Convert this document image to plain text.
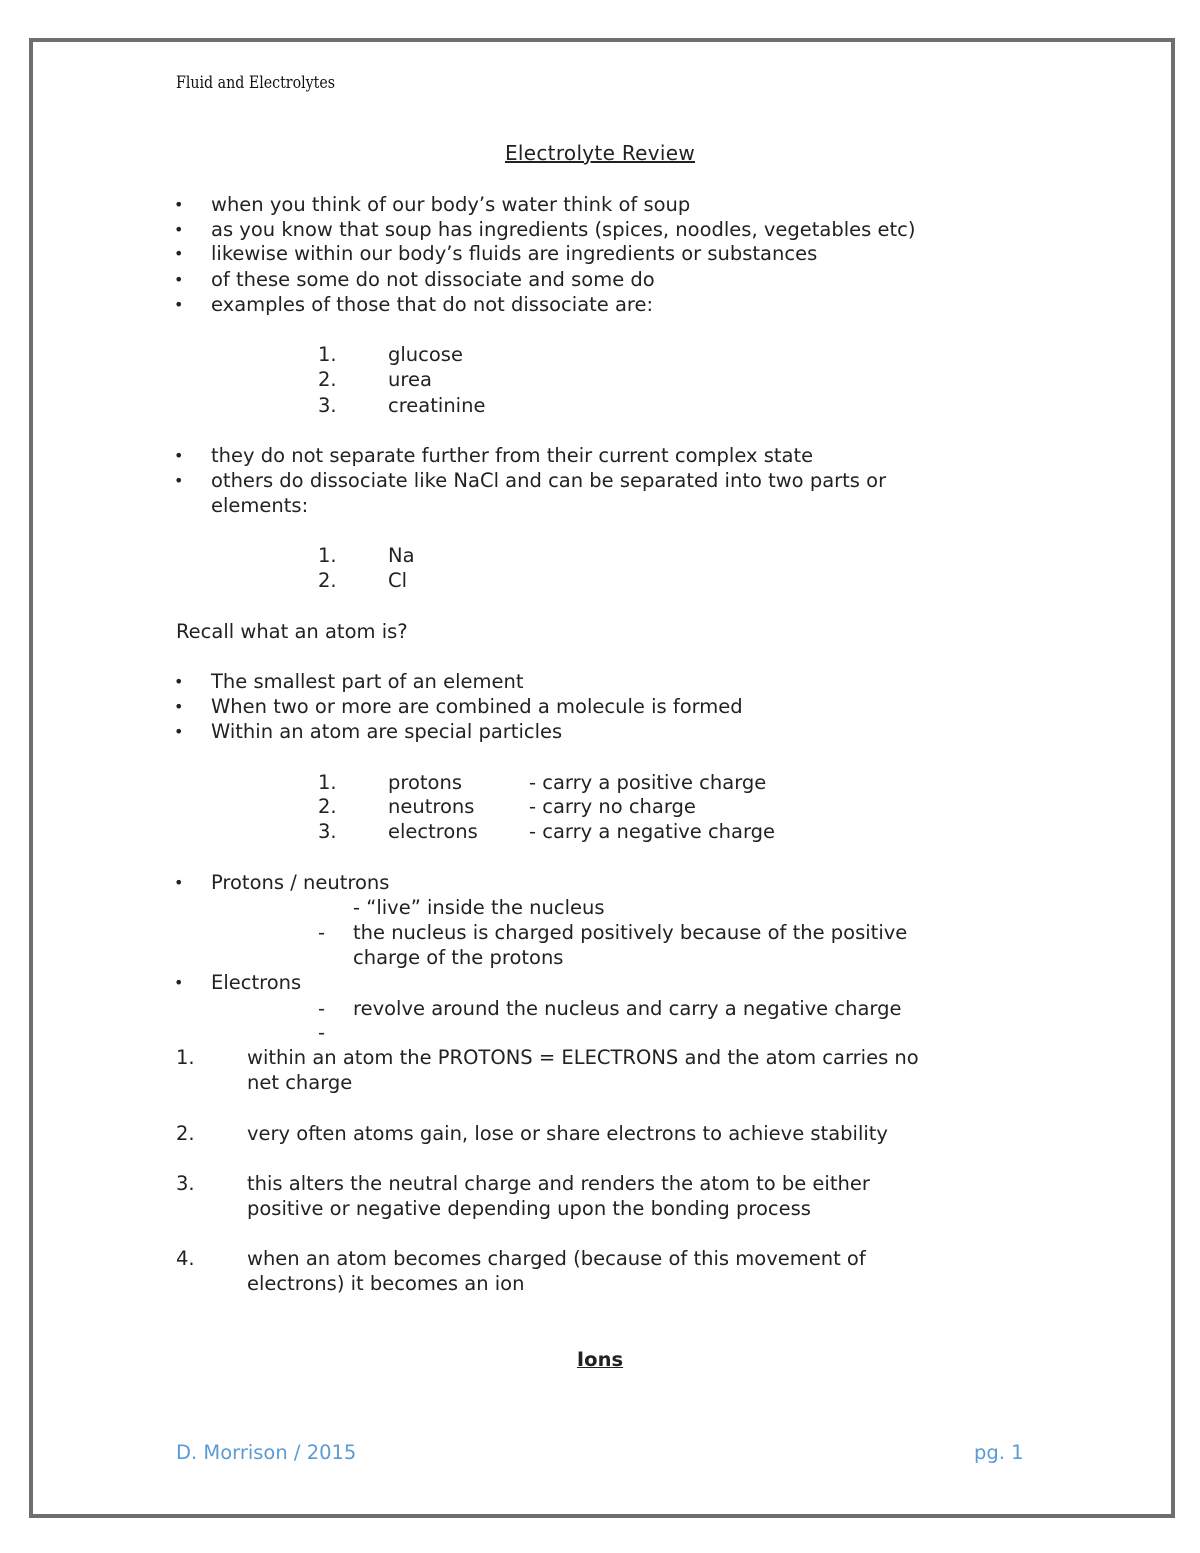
Fluid and Electrolytes
Electrolyte Review
• when you think of our body’s water think of soup
• as you know that soup has ingredients (spices, noodles, vegetables etc)
• likewise within our body’s fluids are ingredients or substances
• of these some do not dissociate and some do
• examples of those that do not dissociate are:
1.	glucose
2.	urea
3.	creatinine
• they do not separate further from their current complex state
• others do dissociate like NaCl and can be separated into two parts or
elements:
1.	Na
2.	Cl
Recall what an atom is?
• The smallest part of an element
• When two or more are combined a molecule is formed
• Within an atom are special particles
1.	protons	- carry a positive charge
2.	neutrons	- carry no charge
3.	electrons	- carry a negative charge
• Protons / neutrons
- “live” inside the nucleus
- the nucleus is charged positively because of the positive
charge of the protons
• Electrons
- revolve around the nucleus and carry a negative charge
-
1.	within an atom the PROTONS = ELECTRONS and the atom carries no
net charge
2.	very often atoms gain, lose or share electrons to achieve stability
3.	this alters the neutral charge and renders the atom to be either
positive or negative depending upon the bonding process
4.	when an atom becomes charged (because of this movement of
electrons) it becomes an ion
Ions
D. Morrison / 2015	pg. 1
